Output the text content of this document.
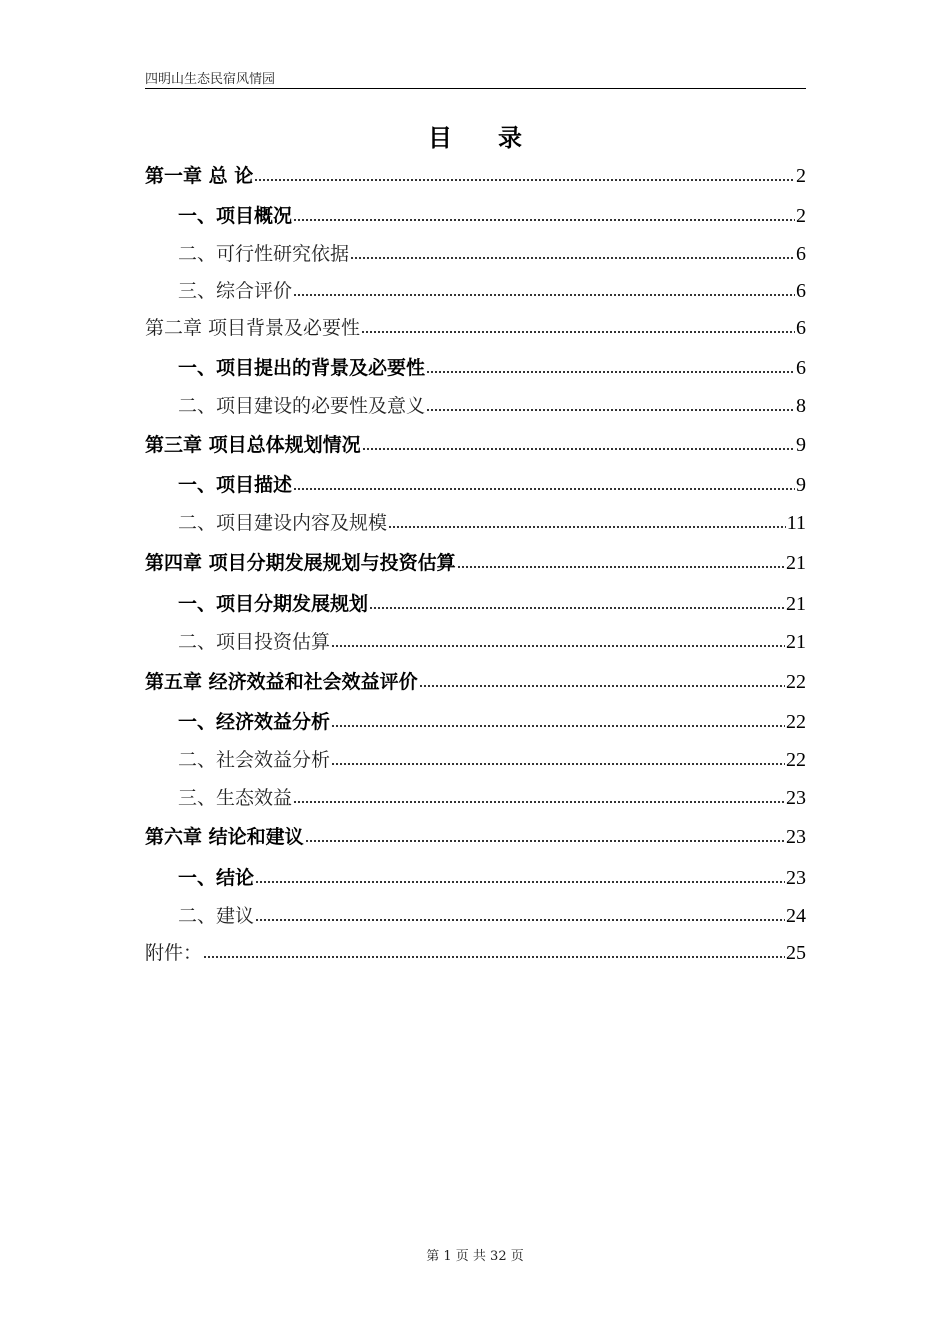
四明山生态民宿风情园
目 录
第一章 总 论	2
一、项目概况	2
二、可行性研究依据	6
三、综合评价	6
第二章 项目背景及必要性	6
一、项目提出的背景及必要性	6
二、项目建设的必要性及意义	8
第三章 项目总体规划情况	9
一、项目描述	9
二、项目建设内容及规模	11
第四章 项目分期发展规划与投资估算	21
一、项目分期发展规划	21
二、项目投资估算	21
第五章 经济效益和社会效益评价	22
一、经济效益分析	22
二、社会效益分析	22
三、生态效益	23
第六章 结论和建议	23
一、结论	23
二、建议	24
附件：	25
第 1 页 共 32 页
